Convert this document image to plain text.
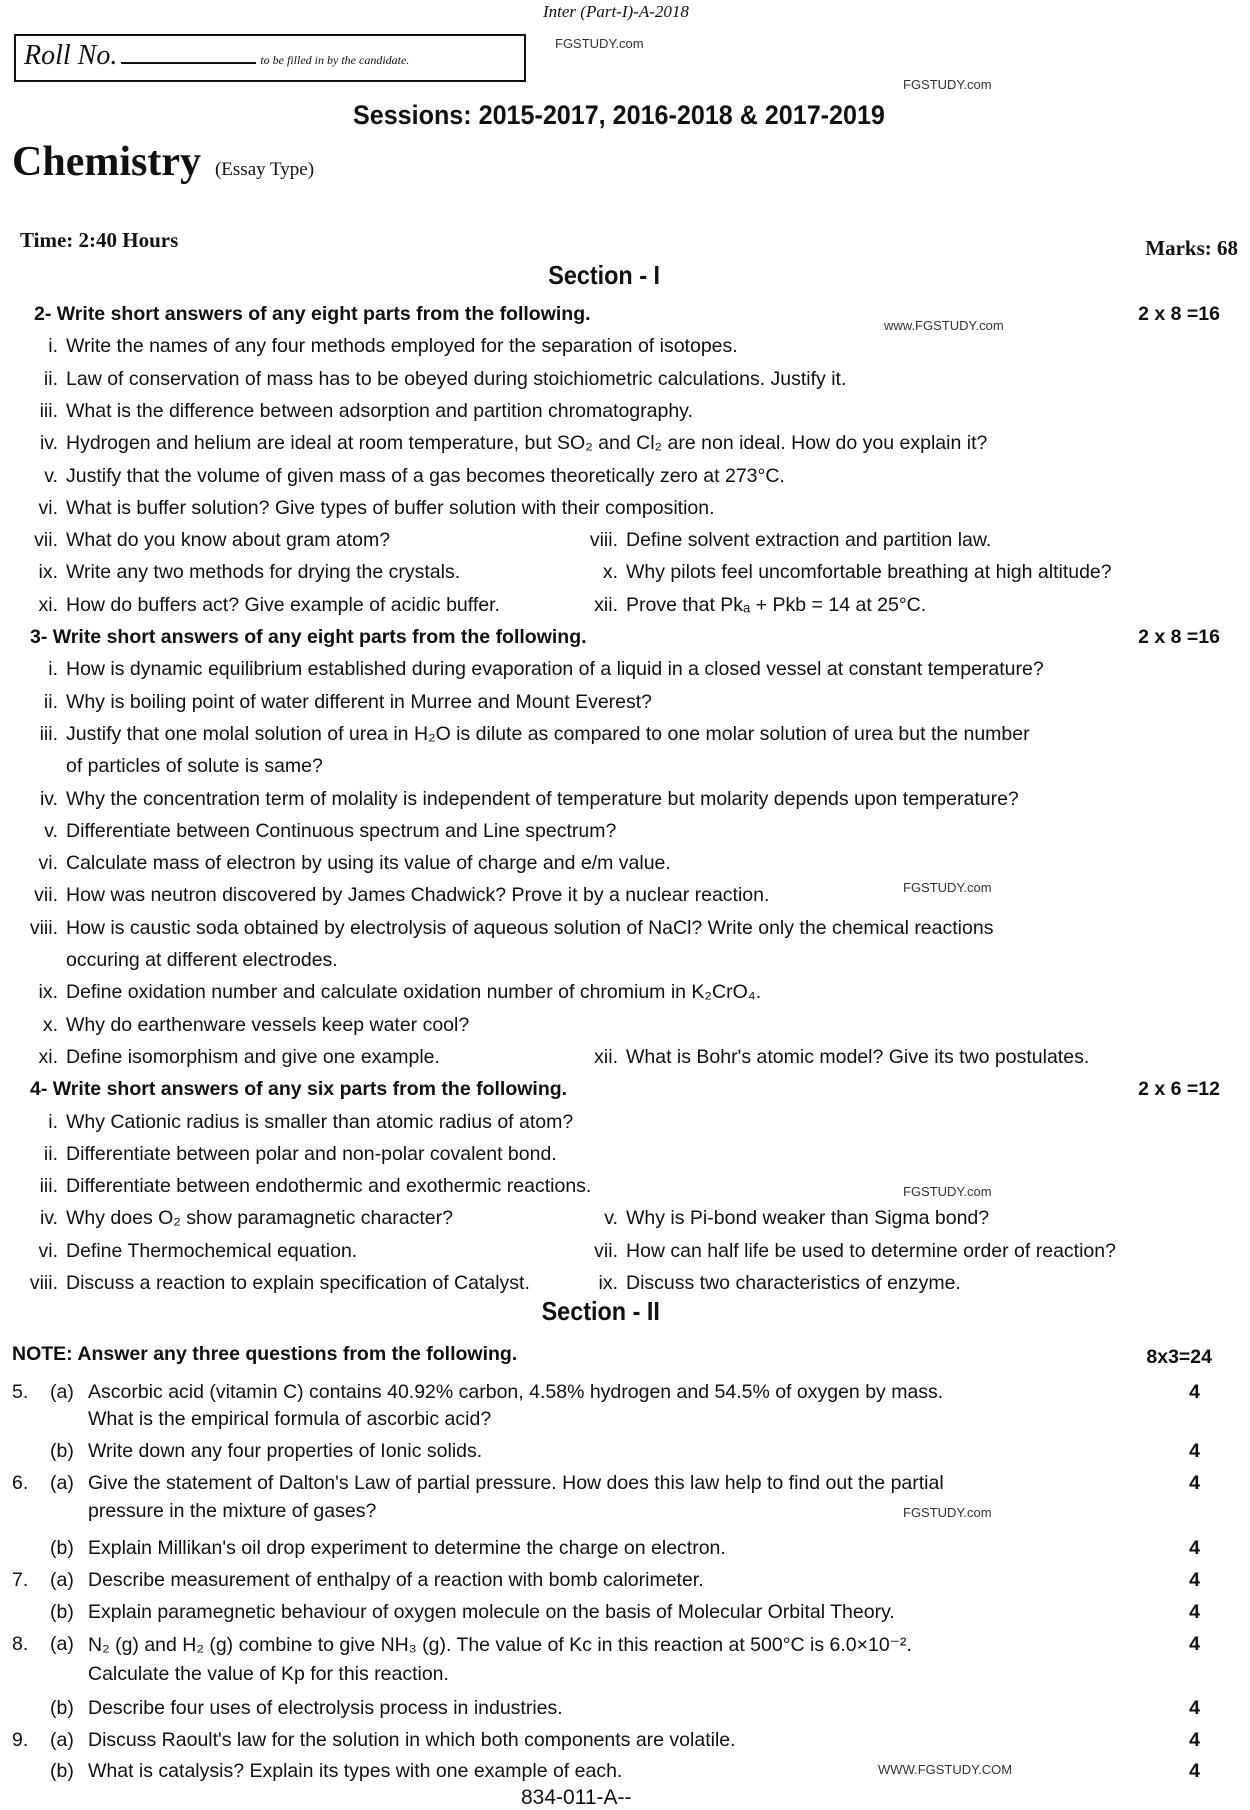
Inter (Part-I)-A-2018
Roll No.	to be filled in by the candidate.
FGSTUDY.com
FGSTUDY.com
www.FGSTUDY.com
FGSTUDY.com
FGSTUDY.com
FGSTUDY.com
WWW.FGSTUDY.COM
Sessions: 2015-2017, 2016-2018 & 2017-2019
Chemistry (Essay Type)
Time: 2:40 Hours	Marks: 68
Section - I
2- Write short answers of any eight parts from the following.	2 x 8 =16
i. Write the names of any four methods employed for the separation of isotopes.
ii. Law of conservation of mass has to be obeyed during stoichiometric calculations. Justify it.
iii. What is the difference between adsorption and partition chromatography.
iv. Hydrogen and helium are ideal at room temperature, but SO₂ and Cl₂ are non ideal. How do you explain it?
v. Justify that the volume of given mass of a gas becomes theoretically zero at 273°C.
vi. What is buffer solution? Give types of buffer solution with their composition.
vii. What do you know about gram atom?	viii. Define solvent extraction and partition law.
ix. Write any two methods for drying the crystals.	x. Why pilots feel uncomfortable breathing at high altitude?
xi. How do buffers act? Give example of acidic buffer.	xii. Prove that Pkₐ + Pkb = 14 at 25°C.
3- Write short answers of any eight parts from the following.	2 x 8 =16
i. How is dynamic equilibrium established during evaporation of a liquid in a closed vessel at constant temperature?
ii. Why is boiling point of water different in Murree and Mount Everest?
iii. Justify that one molal solution of urea in H₂O is dilute as compared to one molar solution of urea but the number
of particles of solute is same?
iv. Why the concentration term of molality is independent of temperature but molarity depends upon temperature?
v. Differentiate between Continuous spectrum and Line spectrum?
vi. Calculate mass of electron by using its value of charge and e/m value.
vii. How was neutron discovered by James Chadwick? Prove it by a nuclear reaction.
viii. How is caustic soda obtained by electrolysis of aqueous solution of NaCl? Write only the chemical reactions
occuring at different electrodes.
ix. Define oxidation number and calculate oxidation number of chromium in K₂CrO₄.
x. Why do earthenware vessels keep water cool?
xi. Define isomorphism and give one example.	xii. What is Bohr's atomic model? Give its two postulates.
4- Write short answers of any six parts from the following.	2 x 6 =12
i. Why Cationic radius is smaller than atomic radius of atom?
ii. Differentiate between polar and non-polar covalent bond.
iii. Differentiate between endothermic and exothermic reactions.
iv. Why does O₂ show paramagnetic character?	v. Why is Pi-bond weaker than Sigma bond?
vi. Define Thermochemical equation.	vii. How can half life be used to determine order of reaction?
viii. Discuss a reaction to explain specification of Catalyst.	ix. Discuss two characteristics of enzyme.
Section - II
NOTE: Answer any three questions from the following.	8x3=24
5. (a) Ascorbic acid (vitamin C) contains 40.92% carbon, 4.58% hydrogen and 54.5% of oxygen by mass.	4
What is the empirical formula of ascorbic acid?
(b) Write down any four properties of Ionic solids.	4
6. (a) Give the statement of Dalton's Law of partial pressure. How does this law help to find out the partial	4
pressure in the mixture of gases?
(b) Explain Millikan's oil drop experiment to determine the charge on electron.	4
7. (a) Describe measurement of enthalpy of a reaction with bomb calorimeter.	4
(b) Explain paramegnetic behaviour of oxygen molecule on the basis of Molecular Orbital Theory.	4
8. (a) N₂ (g) and H₂ (g) combine to give NH₃ (g). The value of Kc in this reaction at 500°C is 6.0×10⁻².	4
Calculate the value of Kp for this reaction.
(b) Describe four uses of electrolysis process in industries.	4
9. (a) Discuss Raoult's law for the solution in which both components are volatile.	4
(b) What is catalysis? Explain its types with one example of each.	4
834-011-A--
